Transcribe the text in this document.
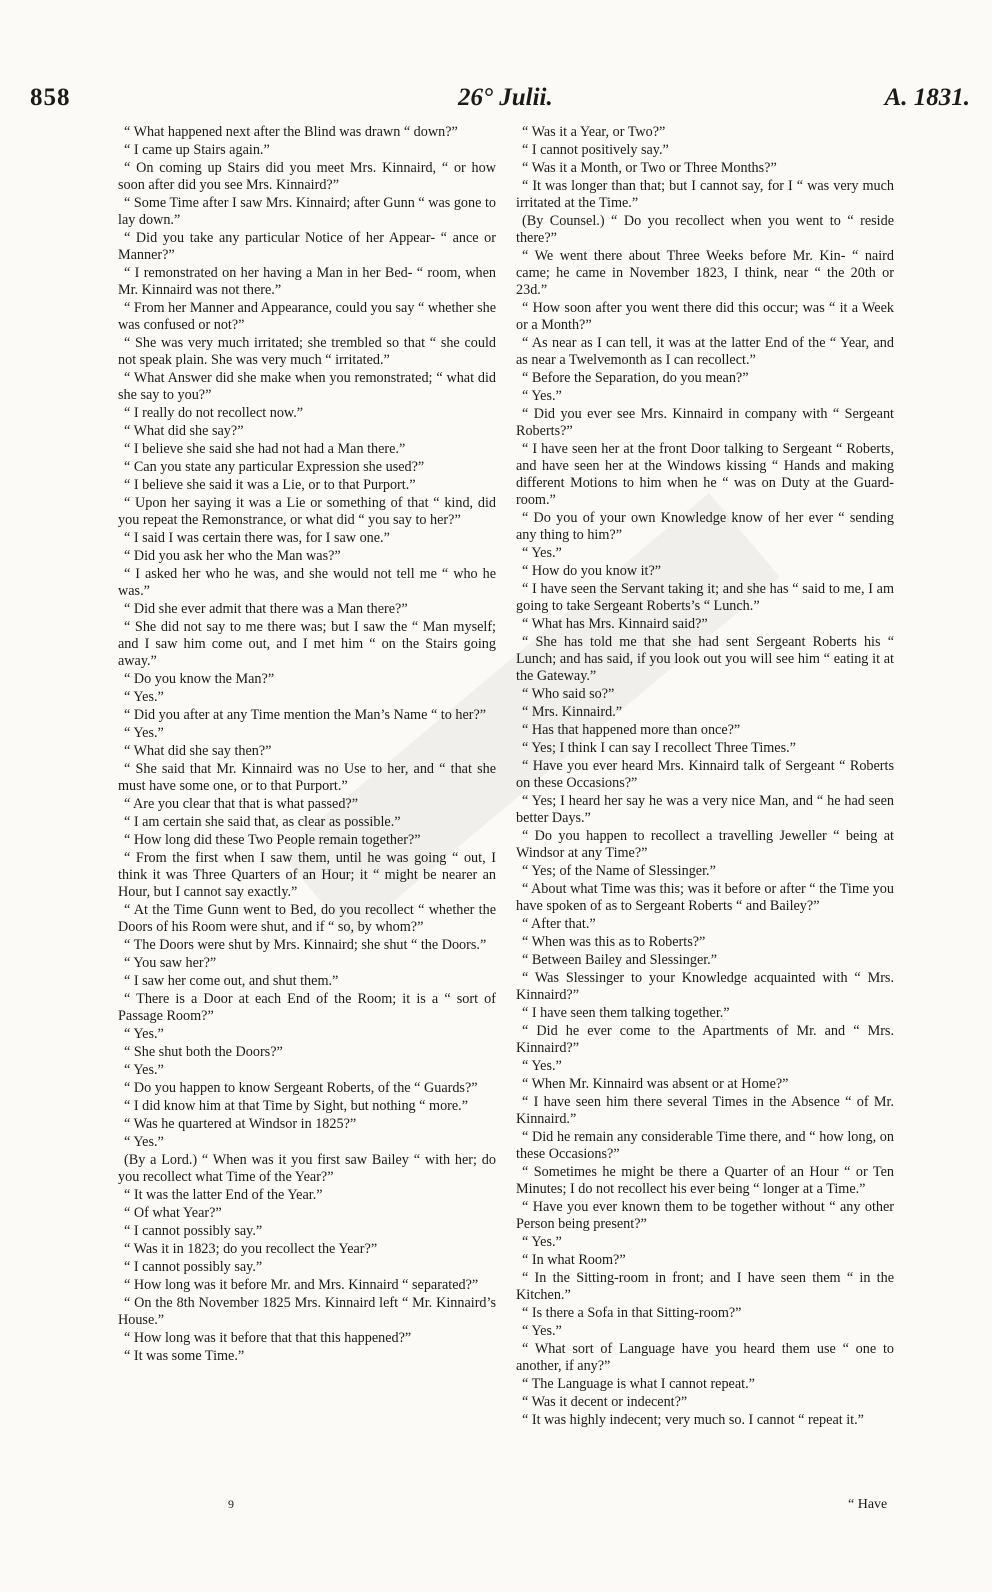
858	26° Julii.	A. 1831.

“ What happened next after the Blind was drawn “ down?”

“ I came up Stairs again.”

“ On coming up Stairs did you meet Mrs. Kinnaird, “ or how soon after did you see Mrs. Kinnaird?”

“ Some Time after I saw Mrs. Kinnaird; after Gunn “ was gone to lay down.”

“ Did you take any particular Notice of her Appear- “ ance or Manner?”

“ I remonstrated on her having a Man in her Bed- “ room, when Mr. Kinnaird was not there.”

“ From her Manner and Appearance, could you say “ whether she was confused or not?”

“ She was very much irritated; she trembled so that “ she could not speak plain. She was very much “ irritated.”

“ What Answer did she make when you remonstrated; “ what did she say to you?”

“ I really do not recollect now.”

“ What did she say?”

“ I believe she said she had not had a Man there.”

“ Can you state any particular Expression she used?”

“ I believe she said it was a Lie, or to that Purport.”

“ Upon her saying it was a Lie or something of that “ kind, did you repeat the Remonstrance, or what did “ you say to her?”

“ I said I was certain there was, for I saw one.”

“ Did you ask her who the Man was?”

“ I asked her who he was, and she would not tell me “ who he was.”

“ Did she ever admit that there was a Man there?”

“ She did not say to me there was; but I saw the “ Man myself; and I saw him come out, and I met him “ on the Stairs going away.”

“ Do you know the Man?”

“ Yes.”

“ Did you after at any Time mention the Man’s Name “ to her?”

“ Yes.”

“ What did she say then?”

“ She said that Mr. Kinnaird was no Use to her, and “ that she must have some one, or to that Purport.”

“ Are you clear that that is what passed?”

“ I am certain she said that, as clear as possible.”

“ How long did these Two People remain together?”

“ From the first when I saw them, until he was going “ out, I think it was Three Quarters of an Hour; it “ might be nearer an Hour, but I cannot say exactly.”

“ At the Time Gunn went to Bed, do you recollect “ whether the Doors of his Room were shut, and if “ so, by whom?”

“ The Doors were shut by Mrs. Kinnaird; she shut “ the Doors.”

“ You saw her?”

“ I saw her come out, and shut them.”

“ There is a Door at each End of the Room; it is a “ sort of Passage Room?”

“ Yes.”

“ She shut both the Doors?”

“ Yes.”

“ Do you happen to know Sergeant Roberts, of the “ Guards?”

“ I did know him at that Time by Sight, but nothing “ more.”

“ Was he quartered at Windsor in 1825?”

“ Yes.”

(By a Lord.) “ When was it you first saw Bailey “ with her; do you recollect what Time of the Year?”

“ It was the latter End of the Year.”

“ Of what Year?”

“ I cannot possibly say.”

“ Was it in 1823; do you recollect the Year?”

“ I cannot possibly say.”

“ How long was it before Mr. and Mrs. Kinnaird “ separated?”

“ On the 8th November 1825 Mrs. Kinnaird left “ Mr. Kinnaird’s House.”

“ How long was it before that that this happened?”

“ It was some Time.”

“ Was it a Year, or Two?”

“ I cannot positively say.”

“ Was it a Month, or Two or Three Months?”

“ It was longer than that; but I cannot say, for I “ was very much irritated at the Time.”

(By Counsel.) “ Do you recollect when you went to “ reside there?”

“ We went there about Three Weeks before Mr. Kin- “ naird came; he came in November 1823, I think, near “ the 20th or 23d.”

“ How soon after you went there did this occur; was “ it a Week or a Month?”

“ As near as I can tell, it was at the latter End of the “ Year, and as near a Twelvemonth as I can recollect.”

“ Before the Separation, do you mean?”

“ Yes.”

“ Did you ever see Mrs. Kinnaird in company with “ Sergeant Roberts?”

“ I have seen her at the front Door talking to Sergeant “ Roberts, and have seen her at the Windows kissing “ Hands and making different Motions to him when he “ was on Duty at the Guard-room.”

“ Do you of your own Knowledge know of her ever “ sending any thing to him?”

“ Yes.”

“ How do you know it?”

“ I have seen the Servant taking it; and she has “ said to me, I am going to take Sergeant Roberts’s “ Lunch.”

“ What has Mrs. Kinnaird said?”

“ She has told me that she had sent Sergeant Roberts his “ Lunch; and has said, if you look out you will see him “ eating it at the Gateway.”

“ Who said so?”

“ Mrs. Kinnaird.”

“ Has that happened more than once?”

“ Yes; I think I can say I recollect Three Times.”

“ Have you ever heard Mrs. Kinnaird talk of Sergeant “ Roberts on these Occasions?”

“ Yes; I heard her say he was a very nice Man, and “ he had seen better Days.”

“ Do you happen to recollect a travelling Jeweller “ being at Windsor at any Time?”

“ Yes; of the Name of Slessinger.”

“ About what Time was this; was it before or after “ the Time you have spoken of as to Sergeant Roberts “ and Bailey?”

“ After that.”

“ When was this as to Roberts?”

“ Between Bailey and Slessinger.”

“ Was Slessinger to your Knowledge acquainted with “ Mrs. Kinnaird?”

“ I have seen them talking together.”

“ Did he ever come to the Apartments of Mr. and “ Mrs. Kinnaird?”

“ Yes.”

“ When Mr. Kinnaird was absent or at Home?”

“ I have seen him there several Times in the Absence “ of Mr. Kinnaird.”

“ Did he remain any considerable Time there, and “ how long, on these Occasions?”

“ Sometimes he might be there a Quarter of an Hour “ or Ten Minutes; I do not recollect his ever being “ longer at a Time.”

“ Have you ever known them to be together without “ any other Person being present?”

“ Yes.”

“ In what Room?”

“ In the Sitting-room in front; and I have seen them “ in the Kitchen.”

“ Is there a Sofa in that Sitting-room?”

“ Yes.”

“ What sort of Language have you heard them use “ one to another, if any?”

“ The Language is what I cannot repeat.”

“ Was it decent or indecent?”

“ It was highly indecent; very much so. I cannot “ repeat it.”

9	“ Have
